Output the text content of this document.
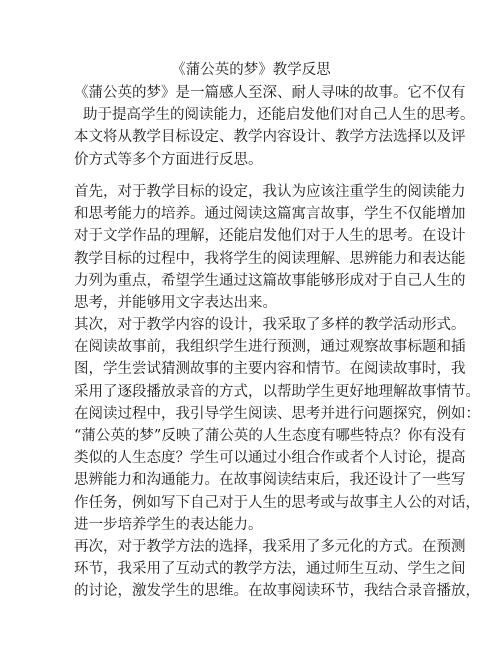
《蒲公英的梦》教学反思
《蒲公英的梦》是一篇感人至深、耐人寻味的故事。它不仅有
助于提高学生的阅读能力，还能启发他们对自己人生的思考。
本文将从教学目标设定、教学内容设计、教学方法选择以及评
价方式等多个方面进行反思。
首先，对于教学目标的设定，我认为应该注重学生的阅读能力
和思考能力的培养。通过阅读这篇寓言故事，学生不仅能增加
对于文学作品的理解，还能启发他们对于人生的思考。在设计
教学目标的过程中，我将学生的阅读理解、思辨能力和表达能
力列为重点，希望学生通过这篇故事能够形成对于自己人生的
思考，并能够用文字表达出来。
其次，对于教学内容的设计，我采取了多样的教学活动形式。
在阅读故事前，我组织学生进行预测，通过观察故事标题和插
图，学生尝试猜测故事的主要内容和情节。在阅读故事时，我
采用了逐段播放录音的方式，以帮助学生更好地理解故事情节。
在阅读过程中，我引导学生阅读、思考并进行问题探究，例如：
“蒲公英的梦”反映了蒲公英的人生态度有哪些特点？你有没有
类似的人生态度？学生可以通过小组合作或者个人讨论，提高
思辨能力和沟通能力。在故事阅读结束后，我还设计了一些写
作任务，例如写下自己对于人生的思考或与故事主人公的对话，
进一步培养学生的表达能力。
再次，对于教学方法的选择，我采用了多元化的方式。在预测
环节，我采用了互动式的教学方法，通过师生互动、学生之间
的讨论，激发学生的思维。在故事阅读环节，我结合录音播放，
